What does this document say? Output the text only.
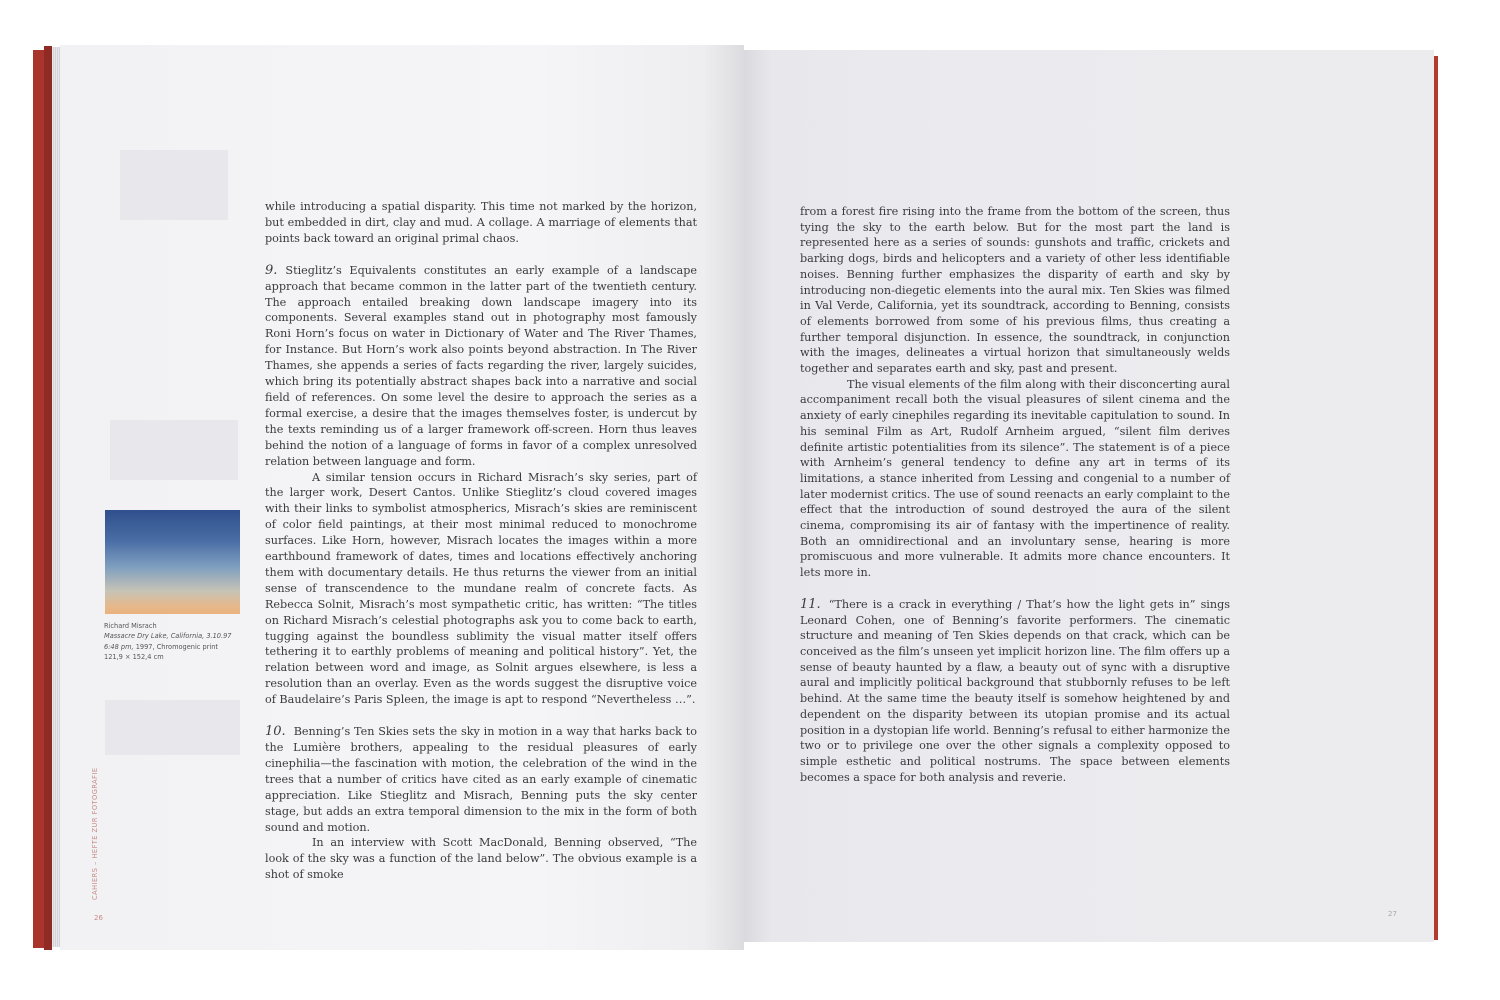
while introducing a spatial disparity. This time not marked by the horizon, but embedded in dirt, clay and mud. A collage. A marriage of elements that points back toward an original primal chaos.

9. Stieglitz’s Equivalents constitutes an early example of a landscape approach that became common in the latter part of the twentieth century. The approach entailed breaking down landscape imagery into its components. Several examples stand out in photography most famously Roni Horn’s focus on water in Dictionary of Water and The River Thames, for Instance. But Horn’s work also points beyond abstraction. In The River Thames, she appends a series of facts regarding the river, largely suicides, which bring its potentially abstract shapes back into a narrative and social field of references. On some level the desire to approach the series as a formal exercise, a desire that the images themselves foster, is undercut by the texts reminding us of a larger framework off-screen. Horn thus leaves behind the notion of a language of forms in favor of a complex unresolved relation between language and form.

A similar tension occurs in Richard Misrach’s sky series, part of the larger work, Desert Cantos. Unlike Stieglitz’s cloud covered images with their links to symbolist atmospherics, Misrach’s skies are reminiscent of color field paintings, at their most minimal reduced to monochrome surfaces. Like Horn, however, Misrach locates the images within a more earthbound framework of dates, times and locations effectively anchoring them with documentary details. He thus returns the viewer from an initial sense of transcendence to the mundane realm of concrete facts. As Rebecca Solnit, Misrach’s most sympathetic critic, has written: “The titles on Richard Misrach’s celestial photographs ask you to come back to earth, tugging against the boundless sublimity the visual matter itself offers tethering it to earthly problems of meaning and political history”. Yet, the relation between word and image, as Solnit argues elsewhere, is less a resolution than an overlay. Even as the words suggest the disruptive voice of Baudelaire’s Paris Spleen, the image is apt to respond “Nevertheless …”.

10. Benning’s Ten Skies sets the sky in motion in a way that harks back to the Lumière brothers, appealing to the residual pleasures of early cinephilia—the fascination with motion, the celebration of the wind in the trees that a number of critics have cited as an early example of cinematic appreciation. Like Stieglitz and Misrach, Benning puts the sky center stage, but adds an extra temporal dimension to the mix in the form of both sound and motion.

In an interview with Scott MacDonald, Benning observed, “The look of the sky was a function of the land below”. The obvious example is a shot of smoke

Richard Misrach
Massacre Dry Lake, California, 3.10.97
6:48 pm, 1997, Chromogenic print
121,9 × 152,4 cm
CAHIERS – HEFTE ZUR FOTOGRAFIE
26

from a forest fire rising into the frame from the bottom of the screen, thus tying the sky to the earth below. But for the most part the land is represented here as a series of sounds: gunshots and traffic, crickets and barking dogs, birds and helicopters and a variety of other less identifiable noises. Benning further emphasizes the disparity of earth and sky by introducing non-diegetic elements into the aural mix. Ten Skies was filmed in Val Verde, California, yet its soundtrack, according to Benning, consists of elements borrowed from some of his previous films, thus creating a further temporal disjunction. In essence, the soundtrack, in conjunction with the images, delineates a virtual horizon that simultaneously welds together and separates earth and sky, past and present.

The visual elements of the film along with their disconcerting aural accompaniment recall both the visual pleasures of silent cinema and the anxiety of early cinephiles regarding its inevitable capitulation to sound. In his seminal Film as Art, Rudolf Arnheim argued, “silent film derives definite artistic potentialities from its silence”. The statement is of a piece with Arnheim’s general tendency to define any art in terms of its limitations, a stance inherited from Lessing and congenial to a number of later modernist critics. The use of sound reenacts an early complaint to the effect that the introduction of sound destroyed the aura of the silent cinema, compromising its air of fantasy with the impertinence of reality. Both an omnidirectional and an involuntary sense, hearing is more promiscuous and more vulnerable. It admits more chance encounters. It lets more in.

11. “There is a crack in everything / That’s how the light gets in” sings Leonard Cohen, one of Benning’s favorite performers. The cinematic structure and meaning of Ten Skies depends on that crack, which can be conceived as the film’s unseen yet implicit horizon line. The film offers up a sense of beauty haunted by a flaw, a beauty out of sync with a disruptive aural and implicitly political background that stubbornly refuses to be left behind. At the same time the beauty itself is somehow heightened by and dependent on the disparity between its utopian promise and its actual position in a dystopian life world. Benning’s refusal to either harmonize the two or to privilege one over the other signals a complexity opposed to simple esthetic and political nostrums. The space between elements becomes a space for both analysis and reverie.

27
